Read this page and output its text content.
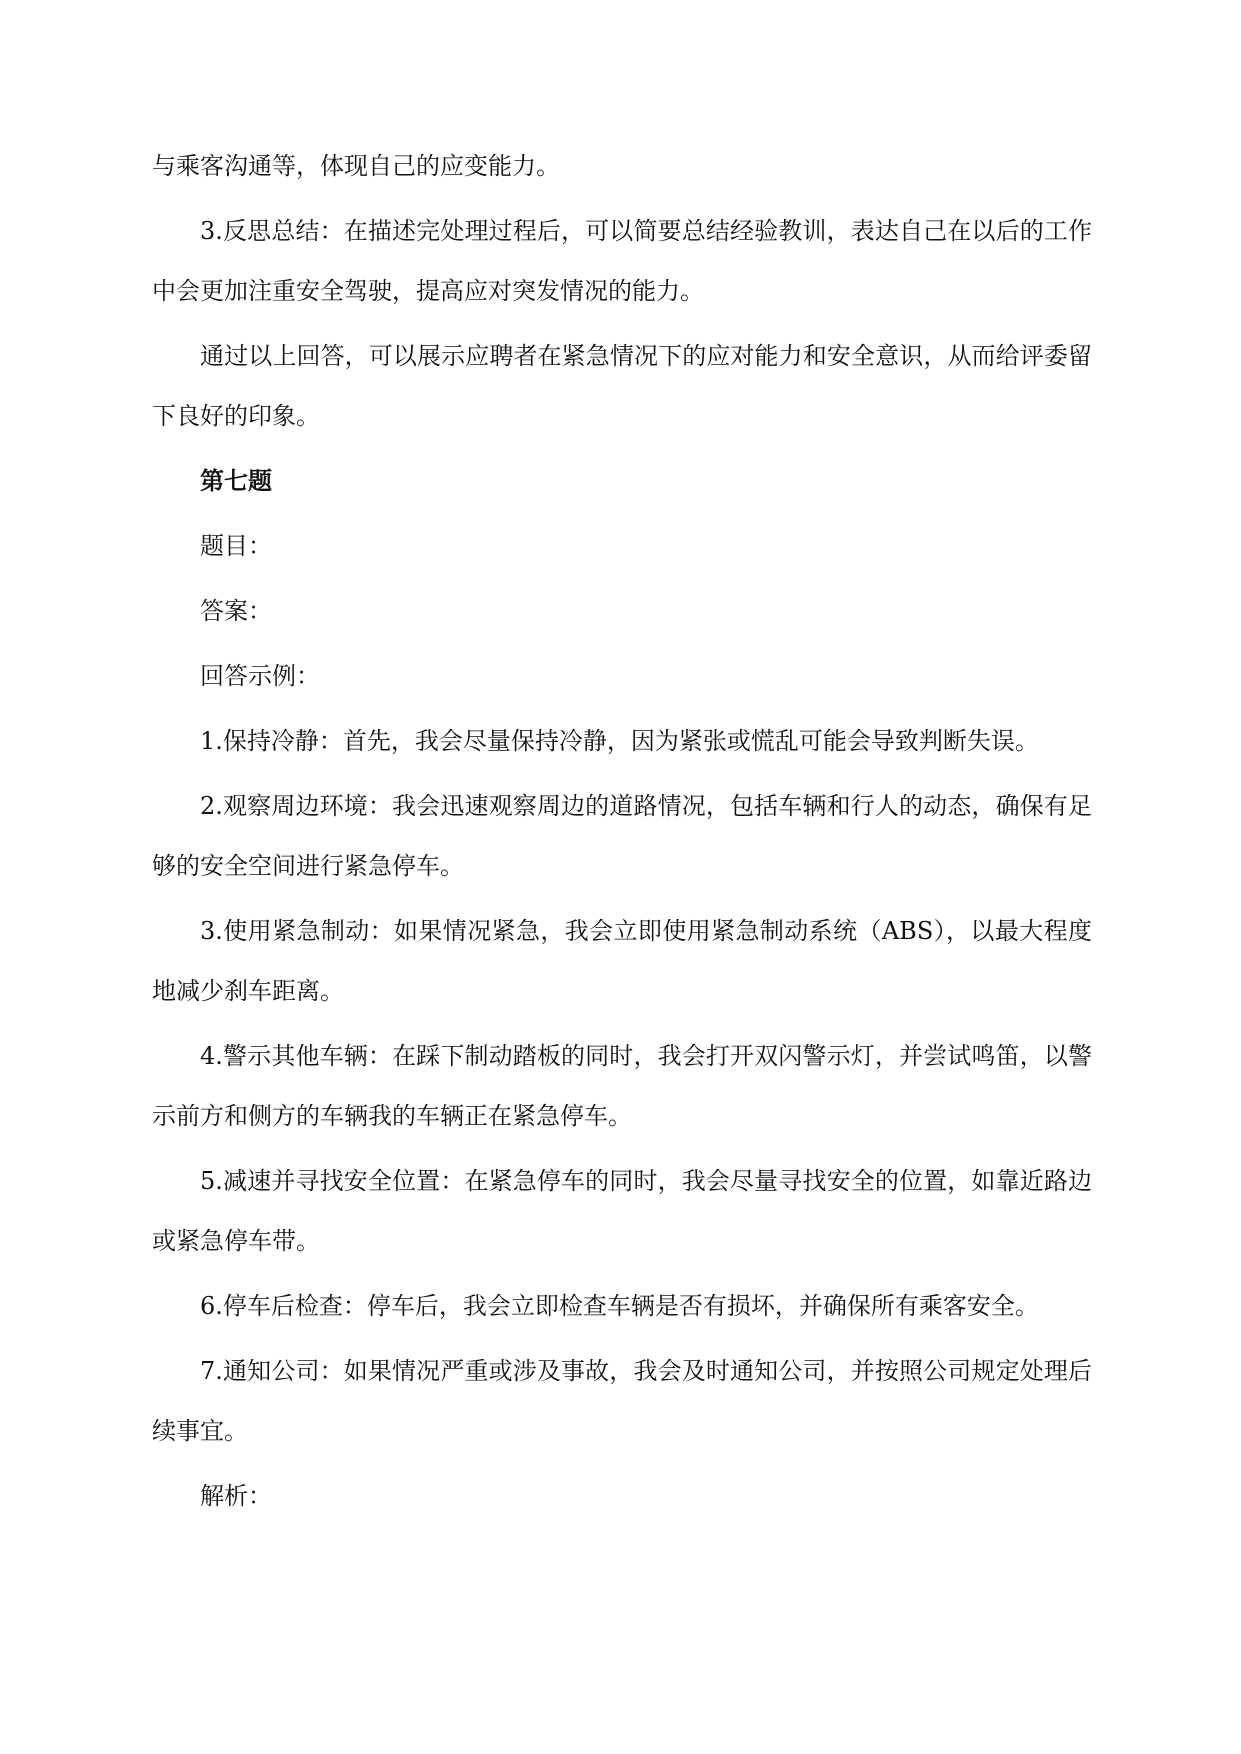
与乘客沟通等，体现自己的应变能力。

3.反思总结：在描述完处理过程后，可以简要总结经验教训，表达自己在以后的工作中会更加注重安全驾驶，提高应对突发情况的能力。

通过以上回答，可以展示应聘者在紧急情况下的应对能力和安全意识，从而给评委留下良好的印象。

第七题

题目：

答案：

回答示例：

1.保持冷静：首先，我会尽量保持冷静，因为紧张或慌乱可能会导致判断失误。

2.观察周边环境：我会迅速观察周边的道路情况，包括车辆和行人的动态，确保有足够的安全空间进行紧急停车。

3.使用紧急制动：如果情况紧急，我会立即使用紧急制动系统（ABS），以最大程度地减少刹车距离。

4.警示其他车辆：在踩下制动踏板的同时，我会打开双闪警示灯，并尝试鸣笛，以警示前方和侧方的车辆我的车辆正在紧急停车。

5.减速并寻找安全位置：在紧急停车的同时，我会尽量寻找安全的位置，如靠近路边或紧急停车带。

6.停车后检查：停车后，我会立即检查车辆是否有损坏，并确保所有乘客安全。

7.通知公司：如果情况严重或涉及事故，我会及时通知公司，并按照公司规定处理后续事宜。

解析：
